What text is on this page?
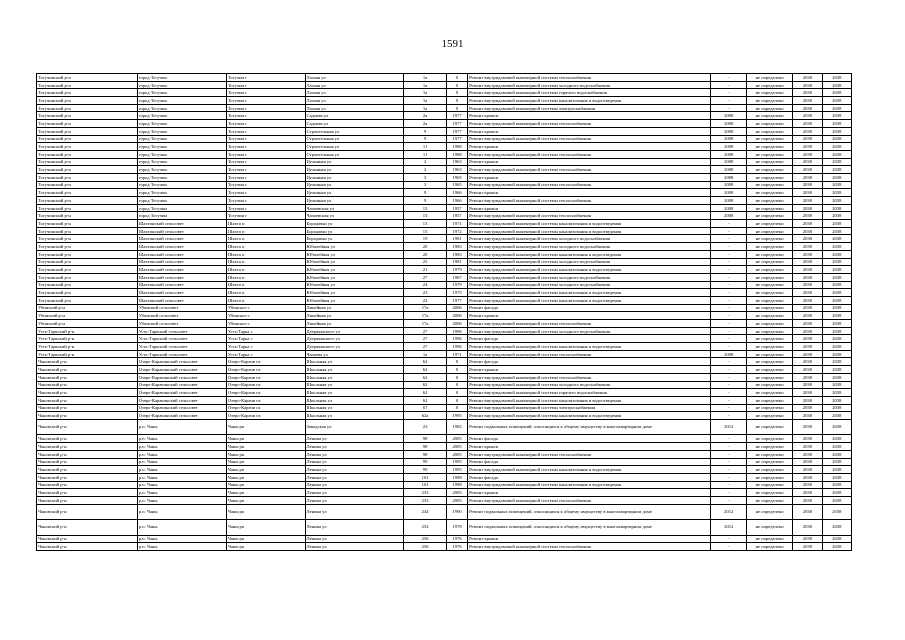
1591
Тогучинский р-н	город Тогучин	Тогучин г	Лазаня ул	1а	0	Ремонт внутридомовой инженерной системы теплоснабжения	-	не определено	2038	2038
Тогучинский р-н	город Тогучин	Тогучин г	Лазаня ул	1а	0	Ремонт внутридомовой инженерной системы холодного водоснабжения	-	не определено	2038	2038
Тогучинский р-н	город Тогучин	Тогучин г	Лазаня ул	1а	0	Ремонт внутридомовой инженерной системы горячего водоснабжения	-	не определено	2038	2038
Тогучинский р-н	город Тогучин	Тогучин г	Лазаня ул	1а	0	Ремонт внутридомовой инженерной системы канализования и водоотведения	-	не определено	2038	2038
Тогучинский р-н	город Тогучин	Тогучин г	Лазаня ул	1а	0	Ремонт внутридомовой инженерной системы электроснабжения	-	не определено	2038	2038
Тогучинский р-н	город Тогучин	Тогучин г	Садовая ул	2а	1977	Ремонт крыши	2008	не определено	2038	2038
Тогучинский р-н	город Тогучин	Тогучин г	Садовая ул	2а	1977	Ремонт внутридомовой инженерной системы теплоснабжения	2008	не определено	2038	2038
Тогучинский р-н	город Тогучин	Тогучин г	Строительная ул	9	1977	Ремонт крыши	2008	не определено	2038	2038
Тогучинский р-н	город Тогучин	Тогучин г	Строительная ул	9	1977	Ремонт внутридомовой инженерной системы теплоснабжения	2008	не определено	2038	2038
Тогучинский р-н	город Тогучин	Тогучин г	Строительная ул	11	1988	Ремонт крыши	2008	не определено	2038	2038
Тогучинский р-н	город Тогучин	Тогучин г	Строительная ул	11	1988	Ремонт внутридомовой инженерной системы теплоснабжения	2008	не определено	2038	2038
Тогучинский р-н	город Тогучин	Тогучин г	Целинная ул	2	1963	Ремонт крыши	2008	не определено	2038	2038
Тогучинский р-н	город Тогучин	Тогучин г	Целинная ул	2	1963	Ремонт внутридомовой инженерной системы теплоснабжения	2008	не определено	2038	2038
Тогучинский р-н	город Тогучин	Тогучин г	Целинная ул	3	1965	Ремонт крыши	2008	не определено	2038	2038
Тогучинский р-н	город Тогучин	Тогучин г	Целинная ул	3	1965	Ремонт внутридомовой инженерной системы теплоснабжения	2008	не определено	2038	2038
Тогучинский р-н	город Тогучин	Тогучин г	Целинная ул	9	1966	Ремонт крыши	2008	не определено	2038	2038
Тогучинский р-н	город Тогучин	Тогучин г	Целинная ул	9	1966	Ремонт внутридомовой инженерной системы теплоснабжения	2008	не определено	2038	2038
Тогучинский р-н	город Тогучин	Тогучин г	Чапаевская ул	15	1957	Ремонт крыши	2008	не определено	2038	2038
Тогучинский р-н	город Тогучин	Тогучин г	Чапаевская ул	15	1957	Ремонт внутридомовой инженерной системы теплоснабжения	2008	не определено	2038	2038
Тогучинский р-н	Шахтинский сельсовет	Шахта п	Бородавко ул	13	1971	Ремонт внутридомовой инженерной системы канализования и водоотведения	-	не определено	2038	2038
Тогучинский р-н	Шахтинский сельсовет	Шахта п	Бородавко ул	15	1972	Ремонт внутридомовой инженерной системы канализования и водоотведения	-	не определено	2038	2038
Тогучинский р-н	Шахтинский сельсовет	Шахта п	Бородавко ул	19	1981	Ремонт внутридомовой инженерной системы холодного водоснабжения	-	не определено	2038	2038
Тогучинский р-н	Шахтинский сельсовет	Шахта п	Юбилейная ул	20	1983	Ремонт внутридомовой инженерной системы холодного водоснабжения	-	не определено	2038	2038
Тогучинский р-н	Шахтинский сельсовет	Шахта п	Юбилейная ул	20	1983	Ремонт внутридомовой инженерной системы канализования и водоотведения	-	не определено	2038	2038
Тогучинский р-н	Шахтинский сельсовет	Шахта п	Юбилейная ул	25	1981	Ремонт внутридомовой инженерной системы холодного водоснабжения	-	не определено	2038	2038
Тогучинский р-н	Шахтинский сельсовет	Шахта п	Юбилейная ул	21	1979	Ремонт внутридомовой инженерной системы канализования и водоотведения	-	не определено	2038	2038
Тогучинский р-н	Шахтинский сельсовет	Шахта п	Юбилейная ул	27	1987	Ремонт внутридомовой инженерной системы холодного водоснабжения	-	не определено	2038	2038
Тогучинский р-н	Шахтинский сельсовет	Шахта п	Юбилейная ул	24	1979	Ремонт внутридомовой инженерной системы холодного водоснабжения	-	не определено	2038	2038
Тогучинский р-н	Шахтинский сельсовет	Шахта п	Юбилейная ул	23	1975	Ремонт внутридомовой инженерной системы канализования и водоотведения	-	не определено	2038	2038
Тогучинский р-н	Шахтинский сельсовет	Шахта п	Юбилейная ул	22	1977	Ремонт внутридомовой инженерной системы канализования и водоотведения	-	не определено	2038	2038
Убинский р-н	Убинский сельсовет	Убинское с	Линейная ул	17а	2006	Ремонт фасада	-	не определено	2038	2038
Убинский р-н	Убинский сельсовет	Убинское с	Линейная ул	17а	2006	Ремонт крыши	-	не определено	2038	2038
Убинский р-н	Убинский сельсовет	Убинское с	Линейная ул	17а	2006	Ремонт внутридомовой инженерной системы теплоснабжения	-	не определено	2038	2038
Усть-Таркский р-н	Усть-Таркский сельсовет	Усть-Тарка с	Дзержинского ул	27	1996	Ремонт внутридомовой инженерной системы холодного водоснабжения	-	не определено	2038	2038
Усть-Таркский р-н	Усть-Таркский сельсовет	Усть-Тарка с	Дзержинского ул	27	1996	Ремонт фасада	-	не определено	2038	2038
Усть-Таркский р-н	Усть-Таркский сельсовет	Усть-Тарка с	Дзержинского ул	27	1996	Ремонт внутридомовой инженерной системы канализования и водоотведения	-	не определено	2038	2038
Усть-Таркский р-н	Усть-Таркский сельсовет	Усть-Тарка с	Чапаева ул	1а	1971	Ремонт внутридомовой инженерной системы теплоснабжения	2008	не определено	2038	2038
Чановский р-н	Озеро-Карачинский сельсовет	Озеро-Карачи пс	Школьная ул	62	0	Ремонт фасада	-	не определено	2038	2038
Чановский р-н	Озеро-Карачинский сельсовет	Озеро-Карачи пс	Школьная ул	62	0	Ремонт крыши	-	не определено	2038	2038
Чановский р-н	Озеро-Карачинский сельсовет	Озеро-Карачи пс	Школьная ул	62	0	Ремонт внутридомовой инженерной системы теплоснабжения	-	не определено	2038	2038
Чановский р-н	Озеро-Карачинский сельсовет	Озеро-Карачи пс	Школьная ул	62	0	Ремонт внутридомовой инженерной системы холодного водоснабжения	-	не определено	2038	2038
Чановский р-н	Озеро-Карачинский сельсовет	Озеро-Карачи пс	Школьная ул	62	0	Ремонт внутридомовой инженерной системы горячего водоснабжения	-	не определено	2038	2038
Чановский р-н	Озеро-Карачинский сельсовет	Озеро-Карачи пс	Школьная ул	62	0	Ремонт внутридомовой инженерной системы канализования и водоотведения	-	не определено	2038	2038
Чановский р-н	Озеро-Карачинский сельсовет	Озеро-Карачи пс	Школьная ул	67	0	Ремонт внутридомовой инженерной системы электроснабжения	-	не определено	2038	2038
Чановский р-н	Озеро-Карачинский сельсовет	Озеро-Карачи пс	Школьная ул	62а	1995	Ремонт внутридомовой инженерной системы канализования и водоотведения	-	не определено	2038	2038
Чановский р-н	р.п. Чаны	Чаны рп	Заводская ул	23	1982	Ремонт подвальных помещений, относящихся к общему имуществу в многоквартирном доме	2012	не определено	2038	2038
Чановский р-н	р.п. Чаны	Чаны рп	Ленина ул	98	2005	Ремонт фасада	-	не определено	2038	2038
Чановский р-н	р.п. Чаны	Чаны рп	Ленина ул	98	2005	Ремонт крыши	-	не определено	2038	2038
Чановский р-н	р.п. Чаны	Чаны рп	Ленина ул	98	2005	Ремонт внутридомовой инженерной системы теплоснабжения	-	не определено	2038	2038
Чановский р-н	р.п. Чаны	Чаны рп	Ленина ул	99	1995	Ремонт фасада	-	не определено	2038	2038
Чановский р-н	р.п. Чаны	Чаны рп	Ленина ул	99	1995	Ремонт внутридомовой инженерной системы канализования и водоотведения	-	не определено	2038	2038
Чановский р-н	р.п. Чаны	Чаны рп	Ленина ул	101	1998	Ремонт фасада	-	не определено	2038	2038
Чановский р-н	р.п. Чаны	Чаны рп	Ленина ул	101	1998	Ремонт внутридомовой инженерной системы канализования и водоотведения	-	не определено	2038	2038
Чановский р-н	р.п. Чаны	Чаны рп	Ленина ул	233	2005	Ремонт крыши	-	не определено	2038	2038
Чановский р-н	р.п. Чаны	Чаны рп	Ленина ул	233	2005	Ремонт внутридомовой инженерной системы теплоснабжения	-	не определено	2038	2038
Чановский р-н	р.п. Чаны	Чаны рп	Ленина ул	244	1990	Ремонт подвальных помещений, относящихся к общему имуществу в многоквартирном доме	2012	не определено	2038	2038
Чановский р-н	р.п. Чаны	Чаны рп	Ленина ул	254	1978	Ремонт подвальных помещений, относящихся к общему имуществу в многоквартирном доме	2012	не определено	2038	2038
Чановский р-н	р.п. Чаны	Чаны рп	Ленина ул	256	1976	Ремонт крыши	-	не определено	2038	2038
Чановский р-н	р.п. Чаны	Чаны рп	Ленина ул	256	1976	Ремонт внутридомовой инженерной системы теплоснабжения	-	не определено	2038	2038
